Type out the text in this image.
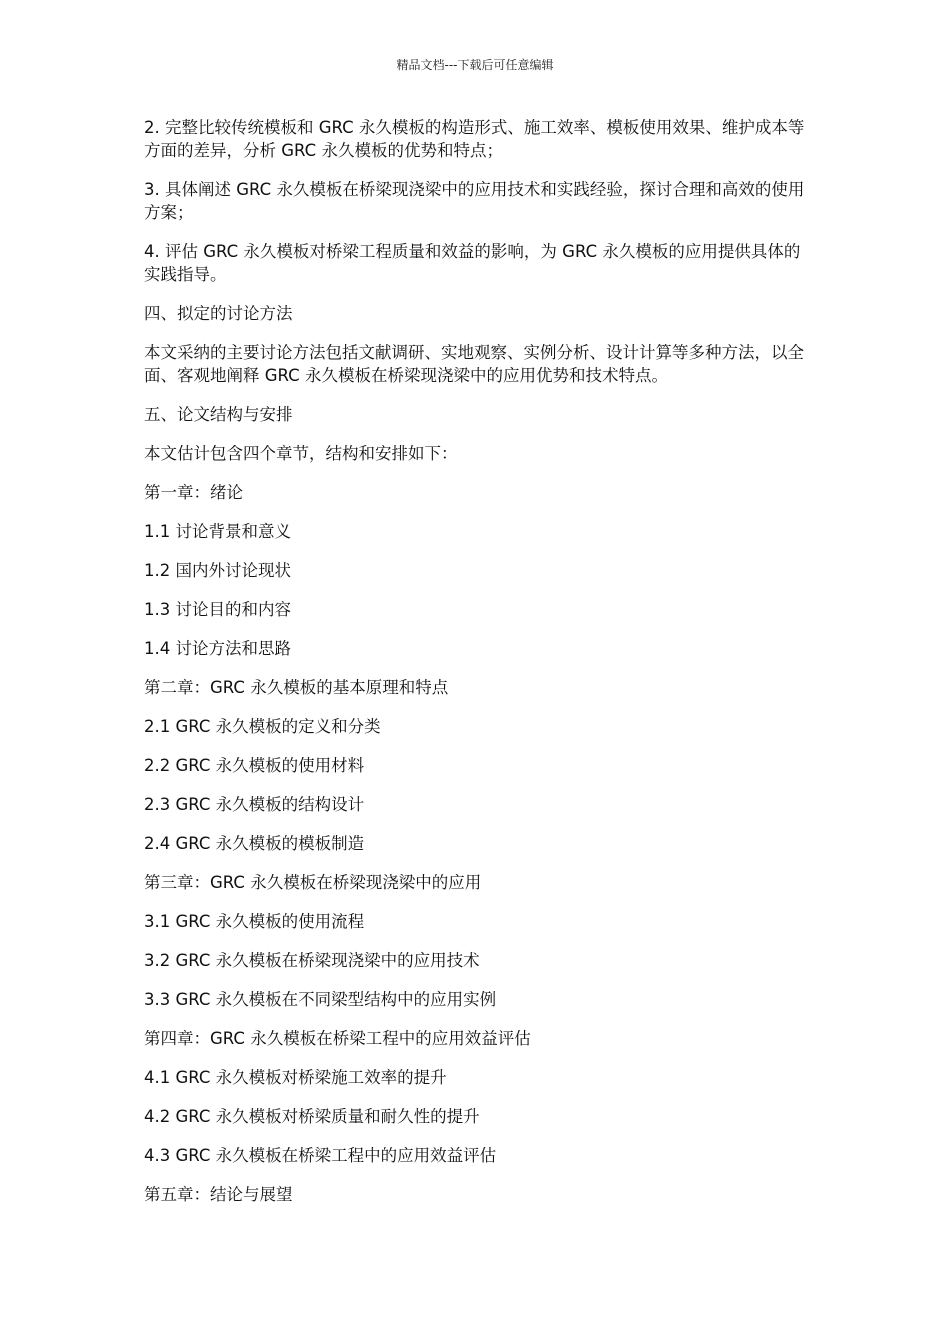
精品文档---下载后可任意编辑

2. 完整比较传统模板和 GRC 永久模板的构造形式、施工效率、模板使用效果、维护成本等方面的差异，分析 GRC 永久模板的优势和特点；

3. 具体阐述 GRC 永久模板在桥梁现浇梁中的应用技术和实践经验，探讨合理和高效的使用方案；

4. 评估 GRC 永久模板对桥梁工程质量和效益的影响，为 GRC 永久模板的应用提供具体的实践指导。

四、拟定的讨论方法

本文采纳的主要讨论方法包括文献调研、实地观察、实例分析、设计计算等多种方法，以全面、客观地阐释 GRC 永久模板在桥梁现浇梁中的应用优势和技术特点。

五、论文结构与安排

本文估计包含四个章节，结构和安排如下：

第一章：绪论
1.1 讨论背景和意义
1.2 国内外讨论现状
1.3 讨论目的和内容
1.4 讨论方法和思路
第二章：GRC 永久模板的基本原理和特点
2.1 GRC 永久模板的定义和分类
2.2 GRC 永久模板的使用材料
2.3 GRC 永久模板的结构设计
2.4 GRC 永久模板的模板制造
第三章：GRC 永久模板在桥梁现浇梁中的应用
3.1 GRC 永久模板的使用流程
3.2 GRC 永久模板在桥梁现浇梁中的应用技术
3.3 GRC 永久模板在不同梁型结构中的应用实例
第四章：GRC 永久模板在桥梁工程中的应用效益评估
4.1 GRC 永久模板对桥梁施工效率的提升
4.2 GRC 永久模板对桥梁质量和耐久性的提升
4.3 GRC 永久模板在桥梁工程中的应用效益评估
第五章：结论与展望
